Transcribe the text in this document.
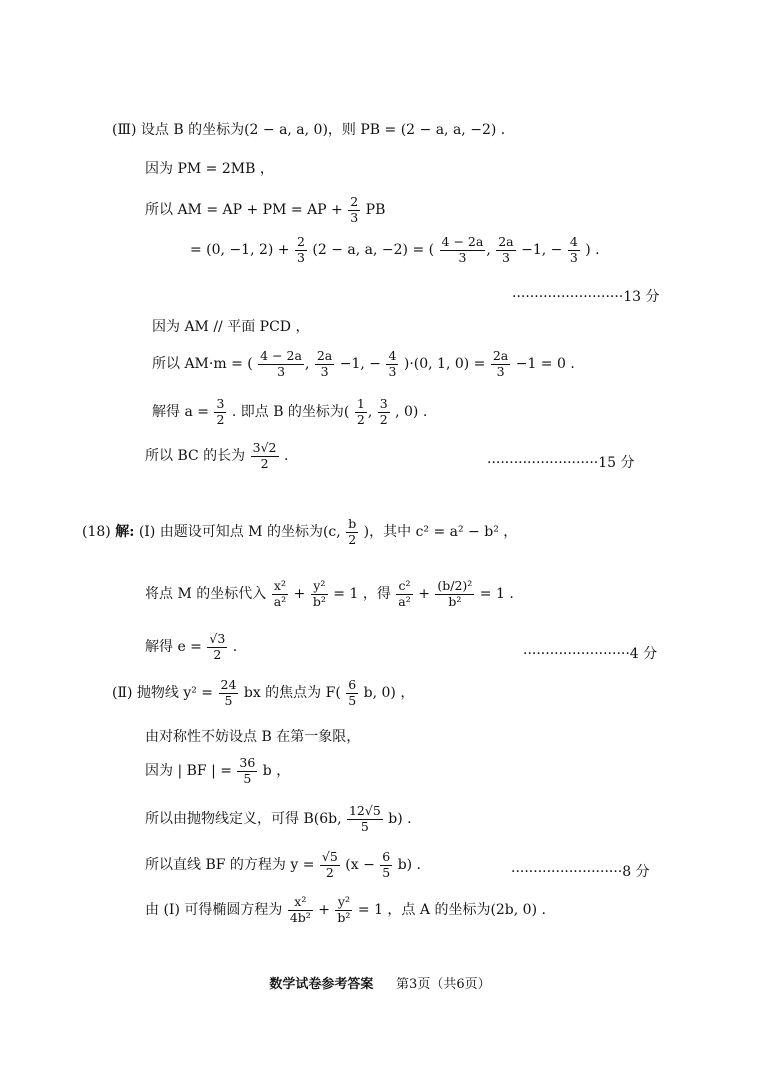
(Ⅲ) 设点 B 的坐标为(2 − a, a, 0)，则 PB = (2 − a, a, −2) .
因为 PM = 2MB ，
所以 AM = AP + PM = AP + $\frac{2}{3}$ PB
= (0, −1, $2) + \frac{2}{3} (2 - a$, a, −2) = ( $\frac{4 - 2a}{3}$ , $\frac{2a}{3} -1$, − $\frac{4}{3}$ ) .
·························13 分
因为 AM // 平面 PCD ，
所以 AM·m = ( $\frac{4 - 2a}{3}$ , $\frac{2a}{3} -1$, − $\frac{4}{3} )\cdot(0$, 1, $0) = \frac{2a}{3} -1 = 0$ .
解得 $a = \frac{3}{2}$ . 即点 B 的坐标为( $\frac{1}{2}$ , $\frac{3}{2}$ , 0) .
所以 BC 的长为 $\frac{3√2}{2}$ .	·························15 分
(18) 解: (Ⅰ) 由题设可知点 M 的坐标为(c, $\frac{b}{2}$ )，其中 c² = a² − b² ，
将点 M 的坐标代入 $\frac{\text{x²}}{\text{a²}} + \frac{\text{y²}}{\text{b²}} = 1$ ，得 $\frac{\text{c²}}{\text{a²}} + \frac{\text{(b/2)²}}{\text{b²}} = 1$ .
解得 $e = \frac{√3}{2}$ .	························4 分
(Ⅱ) 抛物线 $y^2 = \frac{24}{5}$ bx 的焦点为 $F( \frac{6}{5} b$, 0) ，
由对称性不妨设点 B 在第一象限，
因为 | BF | = $\frac{36}{5}$ b ，
所以由抛物线定义，可得 B(6b, $\frac{12√5}{5} b$) .
所以直线 BF 的方程为 $y = \frac{√5}{2} (x - \frac{6}{5} b)$ .	·························8 分
由 (Ⅰ) 可得椭圆方程为 $\frac{\text{x²}}{\text{4b²}} + \frac{\text{y²}}{\text{b²}} = 1$ ，点 A 的坐标为(2b, 0) .
数学试卷参考答案 第3页（共6页）
